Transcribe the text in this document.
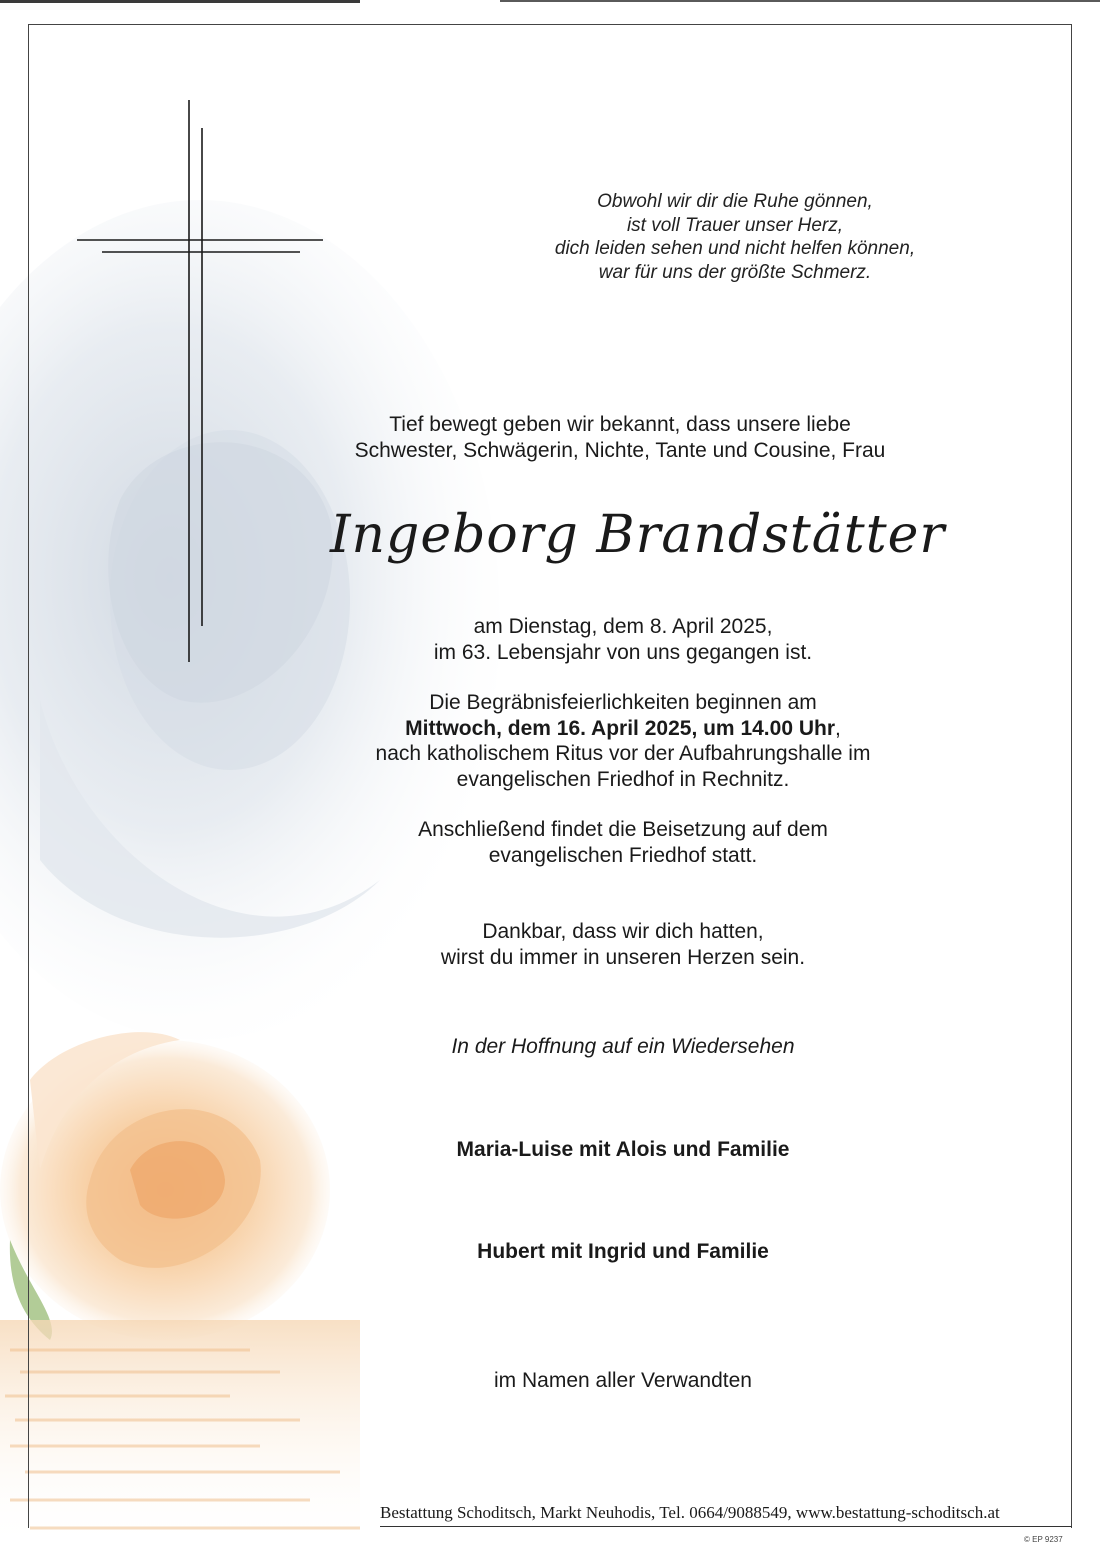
Obwohl wir dir die Ruhe gönnen,
ist voll Trauer unser Herz,
dich leiden sehen und nicht helfen können,
war für uns der größte Schmerz.
Tief bewegt geben wir bekannt, dass unsere liebe
Schwester, Schwägerin, Nichte, Tante und Cousine, Frau
Ingeborg Brandstätter
am Dienstag, dem 8. April 2025,
im 63. Lebensjahr von uns gegangen ist.
Die Begräbnisfeierlichkeiten beginnen am
Mittwoch, dem 16. April 2025, um 14.00 Uhr,
nach katholischem Ritus vor der Aufbahrungshalle im
evangelischen Friedhof in Rechnitz.
Anschließend findet die Beisetzung auf dem
evangelischen Friedhof statt.
Dankbar, dass wir dich hatten,
wirst du immer in unseren Herzen sein.
In der Hoffnung auf ein Wiedersehen
Maria-Luise mit Alois und Familie
Hubert mit Ingrid und Familie
im Namen aller Verwandten
Bestattung Schoditsch, Markt Neuhodis, Tel. 0664/9088549, www.bestattung-schoditsch.at
© EP 9237
